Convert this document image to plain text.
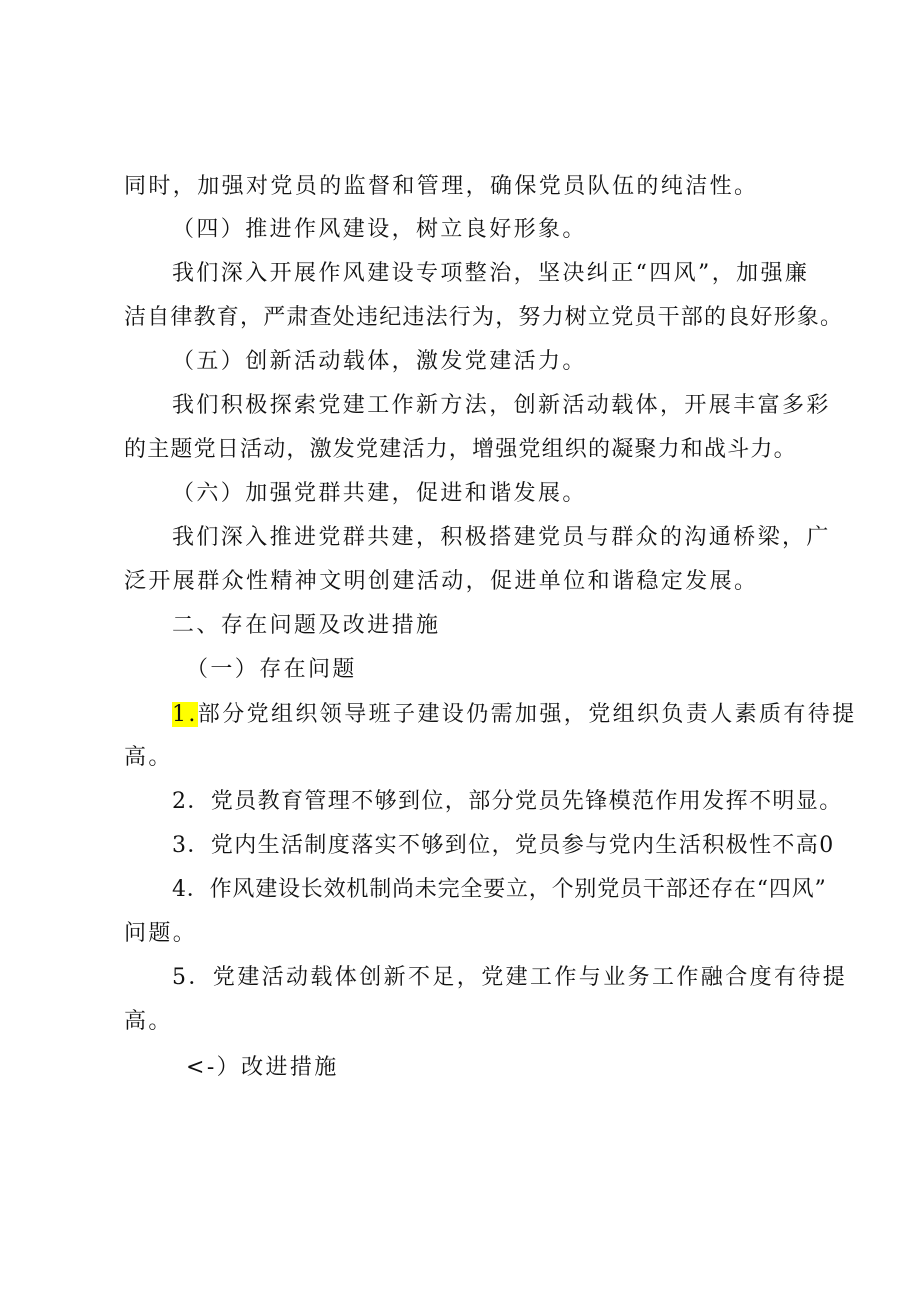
同时，加强对党员的监督和管理，确保党员队伍的纯洁性。
（四）推进作风建设，树立良好形象。
我们深入开展作风建设专项整治，坚决纠正“四风”，加强廉
洁自律教育，严肃查处违纪违法行为，努力树立党员干部的良好形象。
（五）创新活动载体，激发党建活力。
我们积极探索党建工作新方法，创新活动载体，开展丰富多彩
的主题党日活动，激发党建活力，增强党组织的凝聚力和战斗力。
（六）加强党群共建，促进和谐发展。
我们深入推进党群共建，积极搭建党员与群众的沟通桥梁，广
泛开展群众性精神文明创建活动，促进单位和谐稳定发展。
二、存在问题及改进措施
（一）存在问题
1.部分党组织领导班子建设仍需加强，党组织负责人素质有待提
高。
2．党员教育管理不够到位，部分党员先锋模范作用发挥不明显。
3．党内生活制度落实不够到位，党员参与党内生活积极性不高0
4．作风建设长效机制尚未完全要立，个别党员干部还存在“四风”
问题。
5．党建活动载体创新不足，党建工作与业务工作融合度有待提
高。
<-）改进措施
